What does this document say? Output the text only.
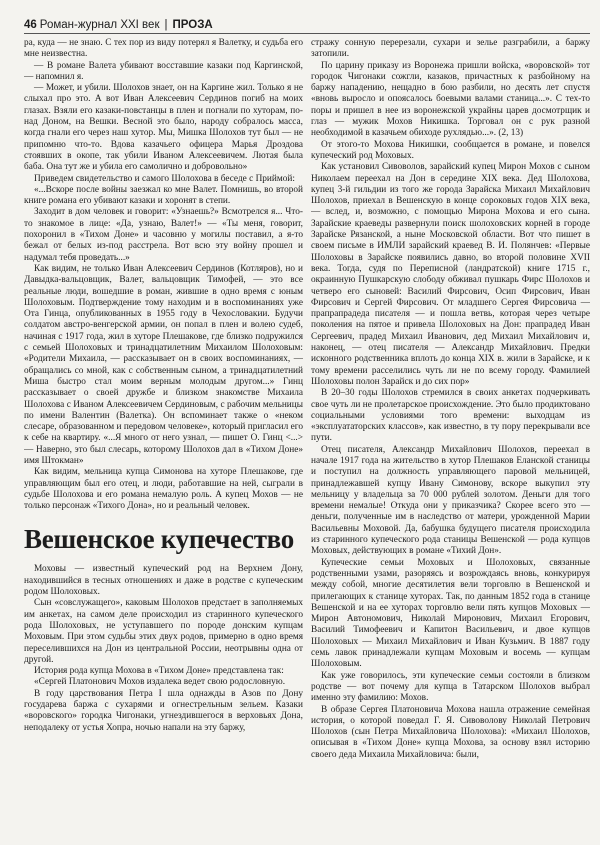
46 Роман-журнал XXI век | ПРОЗА

ра, куда — не знаю. С тех пор из виду потерял я Валетку, и судьба его мне неизвестна.

— В романе Валета убивают восставшие казаки под Каргинской, — напомнил я.

— Может, и убили. Шолохов знает, он на Каргине жил. Только я не слыхал про это. А вот Иван Алексеевич Сердинов погиб на моих глазах. Взяли его казаки-повстанцы в плен и погнали по хуторам, по-над Доном, на Вешки. Весной это было, народу собралось масса, когда гнали его через наш хутор. Мы, Мишка Шолохов тут был — не припомню что-то. Вдова казачьего офицера Марья Дроздова стоявших в окопе, так убили Иваном Алексеевичем. Лютая была баба. Она тут же и убила его самолично и добровольно»

Приведем свидетельство и самого Шолохова в беседе с Приймой:

«...Вскоре после войны заезжал ко мне Валет. Помнишь, во второй книге романа его убивают казаки и хоронят в степи.

Заходит в дом человек и говорит: «Узнаешь?» Всмотрелся я... Что-то знакомое в лице: «Да, узнаю, Валет!» — «Ты меня, говорит, похоронил в «Тихом Доне» и часовню у могилы поставил, а я-то бежал от белых из-под расстрела. Вот всю эту войну прошел и надумал тебя проведать...»

Как видим, не только Иван Алексеевич Сердинов (Котляров), но и Давыдка-вальцовщик, Валет, вальцовщик Тимофей, — это все реальные люди, вошедшие в роман, жившие в одно время с юным Шолоховым. Подтверждение тому находим и в воспоминаниях уже Ота Гинца, опубликованных в 1955 году в Чехословакии. Будучи солдатом австро-венгерской армии, он попал в плен и волею судеб, начиная с 1917 года, жил в хуторе Плешакове, где близко подружился с семьей Шолоховых и тринадцатилетним Михаилом Шолоховым: «Родители Михаила, — рассказывает он в своих воспоминаниях, — обращались со мной, как с собственным сыном, а тринадцатилетний Миша быстро стал моим верным молодым другом...» Гинц рассказывает о своей дружбе и близком знакомстве Михаила Шолохова с Иваном Алексеевичем Сердиновым, с рабочим мельницы по имени Валентин (Валетка). Он вспоминает также о «неком слесаре, образованном и передовом человеке», который пригласил его к себе на квартиру. «...Я много от него узнал, — пишет О. Гинц <...> — Наверно, это был слесарь, которому Шолохов дал в «Тихом Доне» имя Штокман»

Как видим, мельница купца Симонова на хуторе Плешакове, где управляющим был его отец, и люди, работавшие на ней, сыграли в судьбе Шолохова и его романа немалую роль. А купец Мохов — не только персонаж «Тихого Дона», но и реальный человек.

Вешенское купечество

Моховы — известный купеческий род на Верхнем Дону, находившийся в тесных отношениях и даже в родстве с купеческим родом Шолоховых.

Сын «совслужащего», каковым Шолохов предстает в заполняемых им анкетах, на самом деле происходил из старинного купеческого рода Шолоховых, не уступавшего по породе донским купцам Моховым. При этом судьбы этих двух родов, примерно в одно время переселившихся на Дон из центральной России, неотрывны одна от другой.

История рода купца Мохова в «Тихом Доне» представлена так:

«Сергей Платонович Мохов издалека ведет свою родословную.

В году царствования Петра I шла однажды в Азов по Дону государева баржа с сухарями и огнестрельным зельем. Казаки «воровского» городка Чигонаки, угнездившегося в верховьях Дона, неподалеку от устья Хопра, ночью напали на эту баржу,

стражу сонную перерезали, сухари и зелье разграбили, а баржу затопили.

По царину приказу из Воронежа пришли войска, «воровской» тот городок Чигонаки сожгли, казаков, причастных к разбойному на баржу нападению, нещадно в бою разбили, но десять лет спустя «вновь выросло и опоясалось боевыми валами станица...». С тех-то поры и пришел в нее из воронежской укрaйны царев досмотрщик и глаз — мужик Мохов Никишка. Торговал он с рук разной необходимой в казачьем обиходе рухлядью...». (2, 13)

От этого-то Мохова Никишки, сообщается в романе, и повелся купеческий род Моховых.

Как установил Сивоволов, зарайский купец Мирон Мохов с сыном Николаем переехал на Дон в середине XIX века. Дед Шолохова, купец 3-й гильдии из того же города Зарайска Михаил Михайлович Шолохов, приехал в Вешенскую в конце сороковых годов XIX века, — вслед, и, возможно, с помощью Мирона Мохова и его сына. Зарайские краеведы развернули поиск шолоховских корней в городе Зарайске Рязанской, а ныне Московской области. Вот что пишет в своем письме в ИМЛИ зарайский краевед В. И. Полянчев: «Первые Шолоховы в Зарайске появились давно, во второй половине XVII века. Тогда, судя по Переписной (ландратской) книге 1715 г., окраинную Пушкарскую слободу обживал пушкарь Фирс Шолохов и четверо его сыновей: Василий Фирсович, Осип Фирсович, Иван Фирсович и Сергей Фирсович. От младшего Сергея Фирсовича — прапрапрадеда писателя — и пошла ветвь, которая через четыре поколения на пятое и привела Шолоховых на Дон: прапрадед Иван Сергеевич, прадед Михаил Иванович, дед Михаил Михайлович и, наконец, — отец писателя — Александр Михайлович. Предки исконного родственника вплоть до конца XIX в. жили в Зарайске, и к тому времени расселились чуть ли не по всему городу. Фамилией Шолоховы полон Зарайск и до сих пор»

В 20–30 годы Шолохов стремился в своих анкетах подчеркивать свое чуть ли не пролетарское происхождение. Это было продиктовано социальными условиями того времени: выходцам из «эксплуататорских классов», как известно, в ту пору перекрывали все пути.

Отец писателя, Александр Михайлович Шолохов, переехал в начале 1917 года на жительство в хутор Плешаков Еланской станицы и поступил на должность управляющего паровой мельницей, принадлежавшей купцу Ивану Симонову, вскоре выкупил эту мельницу у владельца за 70 000 рублей золотом. Деньги для того времени немалые! Откуда они у приказчика? Скорее всего это — деньги, полученные им в наследство от матери, урожденной Марии Васильевны Моховой. Да, бабушка будущего писателя происходила из старинного купеческого рода станицы Вешенской — рода купцов Моховых, действующих в романе «Тихий Дон».

Купеческие семьи Моховых и Шолоховых, связанные родственными узами, разоряясь и возрождаясь вновь, конкурируя между собой, многие десятилетия вели торговлю в Вешенской и прилегающих к станице хуторах. Так, по данным 1852 года в станице Вешенской и на ее хуторах торговлю вели пять купцов Моховых — Мирон Автономович, Николай Миронович, Михаил Егорович, Василий Тимофеевич и Капитон Васильевич, и двое купцов Шолоховых — Михаил Михайлович и Иван Кузьмич. В 1887 году семь лавок принадлежали купцам Моховым и восемь — купцам Шолоховым.

Как уже говорилось, эти купеческие семьи состояли в близком родстве — вот почему для купца в Татарском Шолохов выбрал именно эту фамилию: Мохов.

В образе Сергея Платоновича Мохова нашла отражение семейная история, о которой поведал Г. Я. Сивоволову Николай Петрович Шолохов (сын Петра Михайловича Шолохова): «Михаил Шолохов, описывая в «Тихом Доне» купца Мохова, за основу взял историю своего деда Михаила Михайловича: были,
